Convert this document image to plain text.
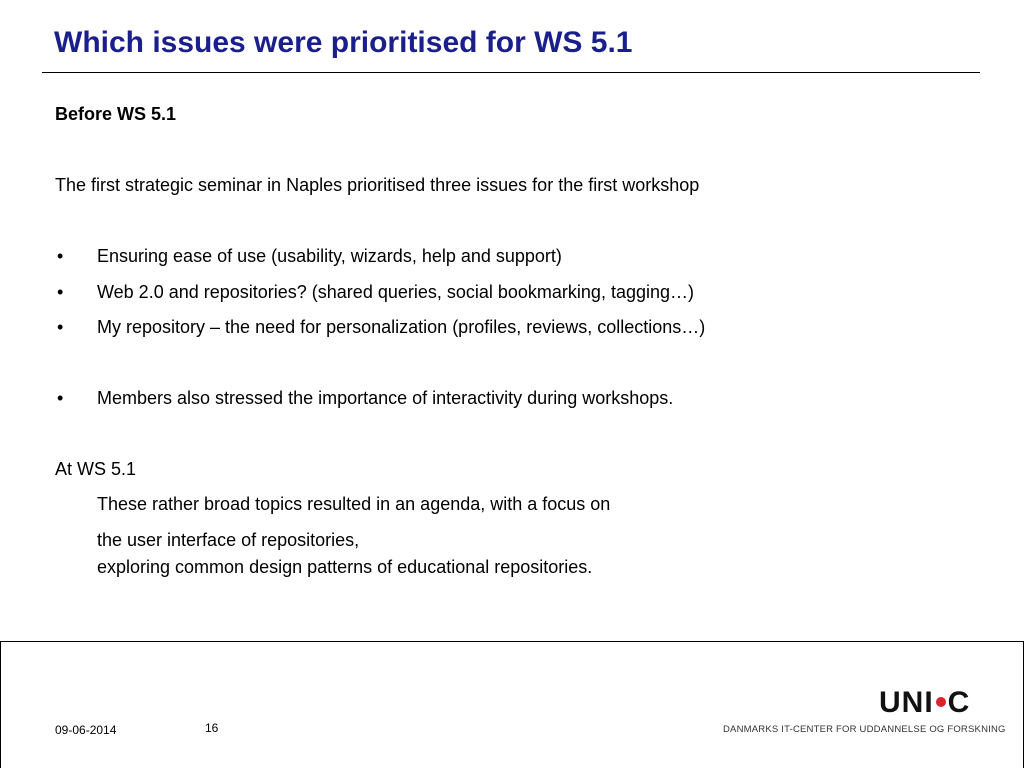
Which issues were prioritised for WS 5.1
Before WS 5.1
The first strategic seminar in Naples prioritised three issues for the first workshop
• Ensuring ease of use (usability, wizards, help and support)
• Web 2.0 and repositories? (shared queries, social bookmarking, tagging…)
• My repository – the need for personalization (profiles, reviews, collections…)
• Members also stressed the importance of interactivity during workshops.
At WS 5.1
These rather broad topics resulted in an agenda, with a focus on
the user interface of repositories,
exploring common design patterns of educational repositories.
09-06-2014	16
UNI C
DANMARKS IT-CENTER FOR UDDANNELSE OG FORSKNING
